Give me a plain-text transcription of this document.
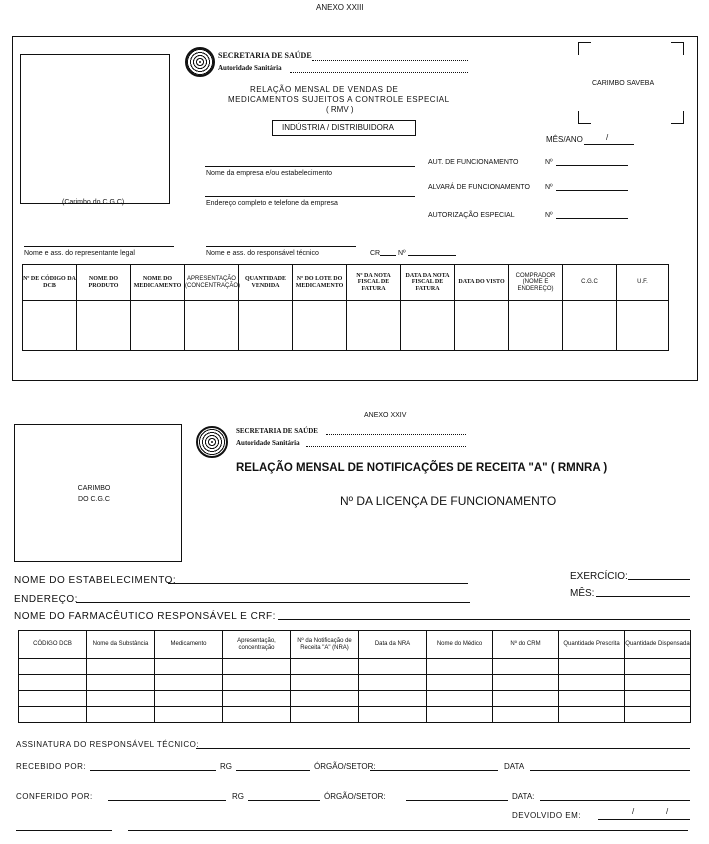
ANEXO XXIII
(Carimbo do C.G.C)
SECRETARIA DE SAÚDE
Autoridade Sanitária
CARIMBO SAVEBA
RELAÇÃO MENSAL DE VENDAS DE
MEDICAMENTOS SUJEITOS A CONTROLE ESPECIAL
( RMV )
INDÚSTRIA / DISTRIBUIDORA
MÊS/ANO	/
Nome da empresa e/ou estabelecimento
Endereço completo e telefone da empresa
AUT. DE FUNCIONAMENTO	Nº
ALVARÁ DE FUNCIONAMENTO Nº
AUTORIZAÇÃO ESPECIAL	Nº
Nome e ass. do representante legal	Nome e ass. do responsável técnico	CR	Nº
Nº DE CÓDIGO DA DCB	NOME DO PRODUTO	NOME DO MEDICAMENTO	APRESENTAÇÃO (CONCENTRAÇÃO)	QUANTIDADE VENDIDA	Nº DO LOTE DO MEDICAMENTO	Nº DA NOTA FISCAL DE FATURA	DATA DA NOTA FISCAL DE FATURA	DATA DO VISTO	COMPRADOR (NOME E ENDEREÇO)	C.G.C	U.F.

ANEXO XXIV
CARIMBO DO C.G.C
SECRETARIA DE SAÚDE
Autoridade Sanitária
RELAÇÃO MENSAL DE NOTIFICAÇÕES DE RECEITA "A" ( RMNRA )
Nº DA LICENÇA DE FUNCIONAMENTO
NOME DO ESTABELECIMENTO:	EXERCÍCIO:
ENDEREÇO:
MÊS:
NOME DO FARMACÊUTICO RESPONSÁVEL E CRF:
CÓDIGO DCB	Nome da Substância	Medicamento	Apresentação, concentração	Nº da Notificação de Receita "A" (NRA)	Data da NRA	Nome do Médico	Nº do CRM	Quantidade Prescrita	Quantidade Dispensada

ASSINATURA DO RESPONSÁVEL TÉCNICO:
RECEBIDO POR:	RG	ÓRGÃO/SETOR:	DATA
CONFERIDO POR:	RG	ÓRGÃO/SETOR:	DATA:
DEVOLVIDO EM:	/	/
